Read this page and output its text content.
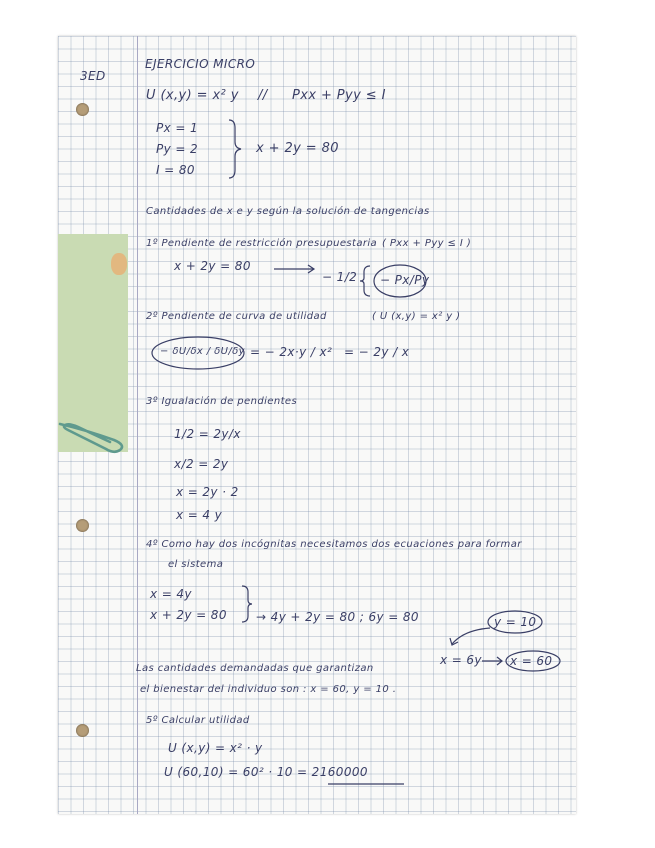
3ED
EJERCICIO MICRO
U (x,y) = x² y // Pxx + Pyy ≤ I
Px = 1
Py = 2
I = 80
x + 2y = 80
Cantidades de x e y según la solución de tangencias
1º Pendiente de restricción presupuestaria ( Pxx + Pyy ≤ I )
x + 2y = 80
− 1/2 − Px/Py
2º Pendiente de curva de utilidad	( U (x,y) = x² y )
− δU/δx / δU/δy = − 2x·y / x² = − 2y / x
3º Igualación de pendientes
1/2 = 2y/x
x/2 = 2y
x = 2y · 2
x = 4 y
4º Como hay dos incógnitas necesitamos dos ecuaciones para formar
el sistema
x = 4y
x + 2y = 80 → 4y + 2y = 80 ; 6y = 80	y = 10
x = 6y x = 60
Las cantidades demandadas que garantizan
el bienestar del individuo son : x = 60, y = 10 .
5º Calcular utilidad
U (x,y) = x² · y
U (60,10) = 60² · 10 = 2160000
